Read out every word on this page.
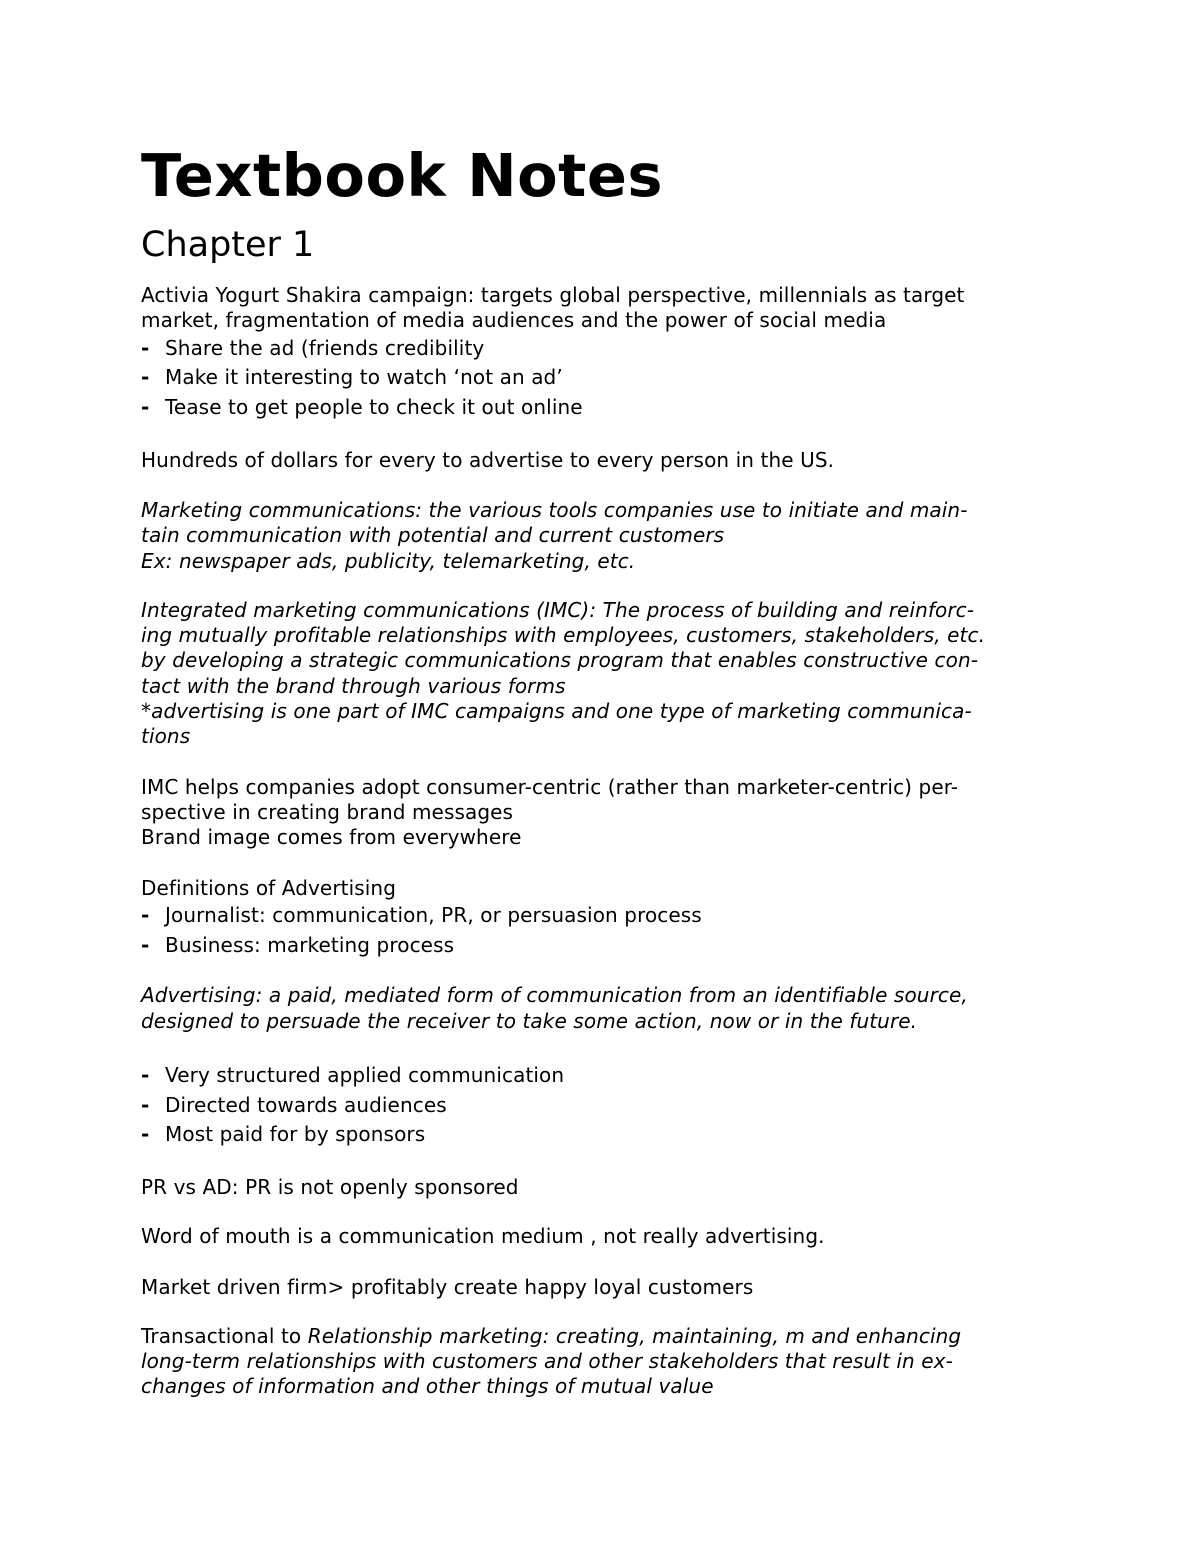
Textbook Notes
Chapter 1

Activia Yogurt Shakira campaign: targets global perspective, millennials as target

market, fragmentation of media audiences and the power of social media

- Share the ad (friends credibility
- Make it interesting to watch ‘not an ad’
- Tease to get people to check it out online

Hundreds of dollars for every to advertise to every person in the US.

Marketing communications: the various tools companies use to initiate and main-

tain communication with potential and current customers

Ex: newspaper ads, publicity, telemarketing, etc.

Integrated marketing communications (IMC): The process of building and reinforc-

ing mutually profitable relationships with employees, customers, stakeholders, etc.

by developing a strategic communications program that enables constructive con-

tact with the brand through various forms

*advertising is one part of IMC campaigns and one type of marketing communica-

tions

IMC helps companies adopt consumer-centric (rather than marketer-centric) per-

spective in creating brand messages

Brand image comes from everywhere

Definitions of Advertising

- Journalist: communication, PR, or persuasion process
- Business: marketing process

Advertising: a paid, mediated form of communication from an identifiable source,

designed to persuade the receiver to take some action, now or in the future.

- Very structured applied communication
- Directed towards audiences
- Most paid for by sponsors

PR vs AD: PR is not openly sponsored

Word of mouth is a communication medium , not really advertising.

Market driven firm> profitably create happy loyal customers

Transactional to Relationship marketing: creating, maintaining, m and enhancing

long-term relationships with customers and other stakeholders that result in ex-

changes of information and other things of mutual value
